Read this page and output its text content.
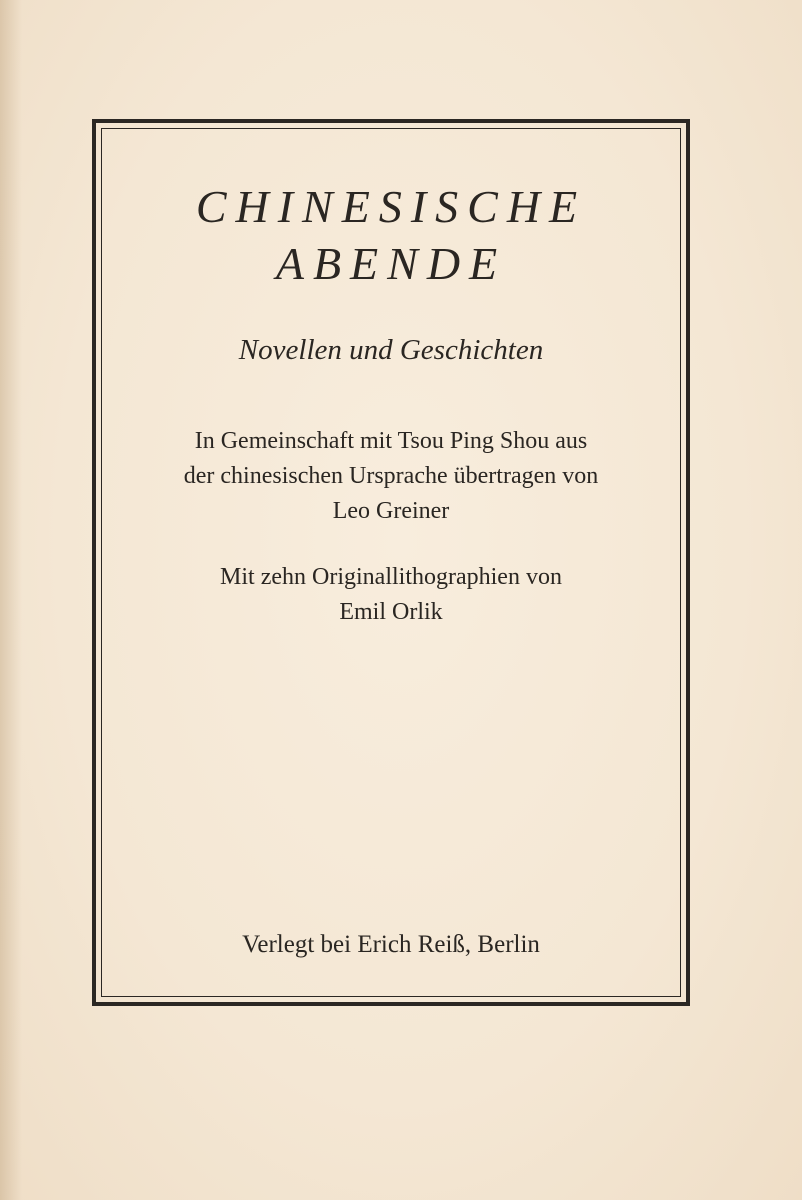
CHINESISCHE
ABENDE
Novellen und Geschichten
In Gemeinschaft mit Tsou Ping Shou aus
der chinesischen Ursprache übertragen von
Leo Greiner
Mit zehn Originallithographien von
Emil Orlik
Verlegt bei Erich Reiß, Berlin
